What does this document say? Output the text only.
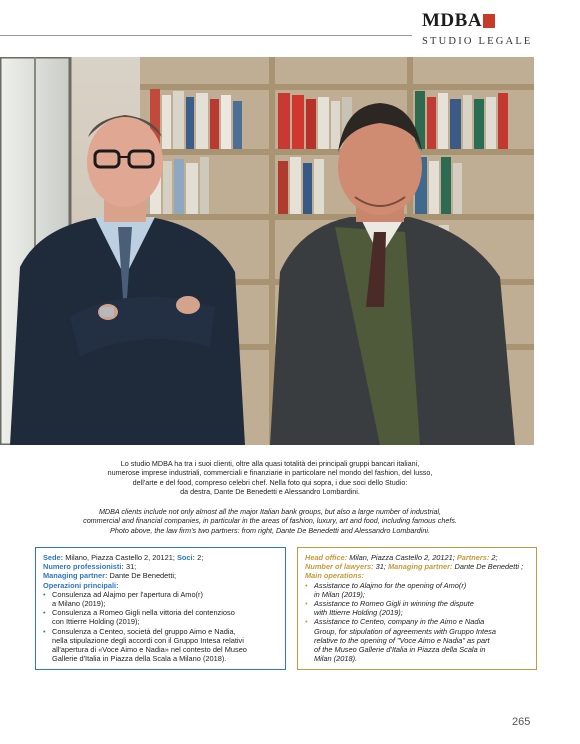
MDBA
STUDIO LEGALE
Lo studio MDBA ha tra i suoi clienti, oltre alla quasi totalità dei principali gruppi bancari italiani,
numerose imprese industriali, commerciali e finanziarie in particolare nel mondo del fashion, del lusso,
dell'arte e del food, compreso celebri chef. Nella foto qui sopra, i due soci dello Studio:
da destra, Dante De Benedetti e Alessandro Lombardini.
MDBA clients include not only almost all the major Italian bank groups, but also a large number of industrial,
commercial and financial companies, in particular in the areas of fashion, luxury, art and food, including famous chefs.
Photo above, the law firm's two partners: from right, Dante De Benedetti and Alessandro Lombardini.
Sede: Milano, Piazza Castello 2, 20121; Soci: 2;
Numero professionisti: 31;
Managing partner: Dante De Benedetti;
Operazioni principali:
• Consulenza ad Alajmo per l'apertura di Amo(r)
a Milano (2019);
• Consulenza a Romeo Gigli nella vittoria del contenzioso
con Ittierre Holding (2019);
• Consulenza a Centeo, società del gruppo Aimo e Nadia,
nella stipulazione degli accordi con il Gruppo Intesa relativi
all'apertura di «Voce Aimo e Nadia» nel contesto del Museo
Gallerie d'Italia in Piazza della Scala a Milano (2018).
Head office: Milan, Piazza Castello 2, 20121; Partners: 2;
Number of lawyers: 31; Managing partner: Dante De Benedetti ;
Main operations:
• Assistance to Alajmo for the opening of Amo(r)
in Milan (2019);
• Assistance to Romeo Gigli in winning the dispute
with Ittierre Holding (2019);
• Assistance to Centeo, company in the Aimo e Nadia
Group, for stipulation of agreements with Gruppo Intesa
relative to the opening of "Voce Aimo e Nadia" as part
of the Museo Gallerie d'Italia in Piazza della Scala in
Milan (2018).
265
